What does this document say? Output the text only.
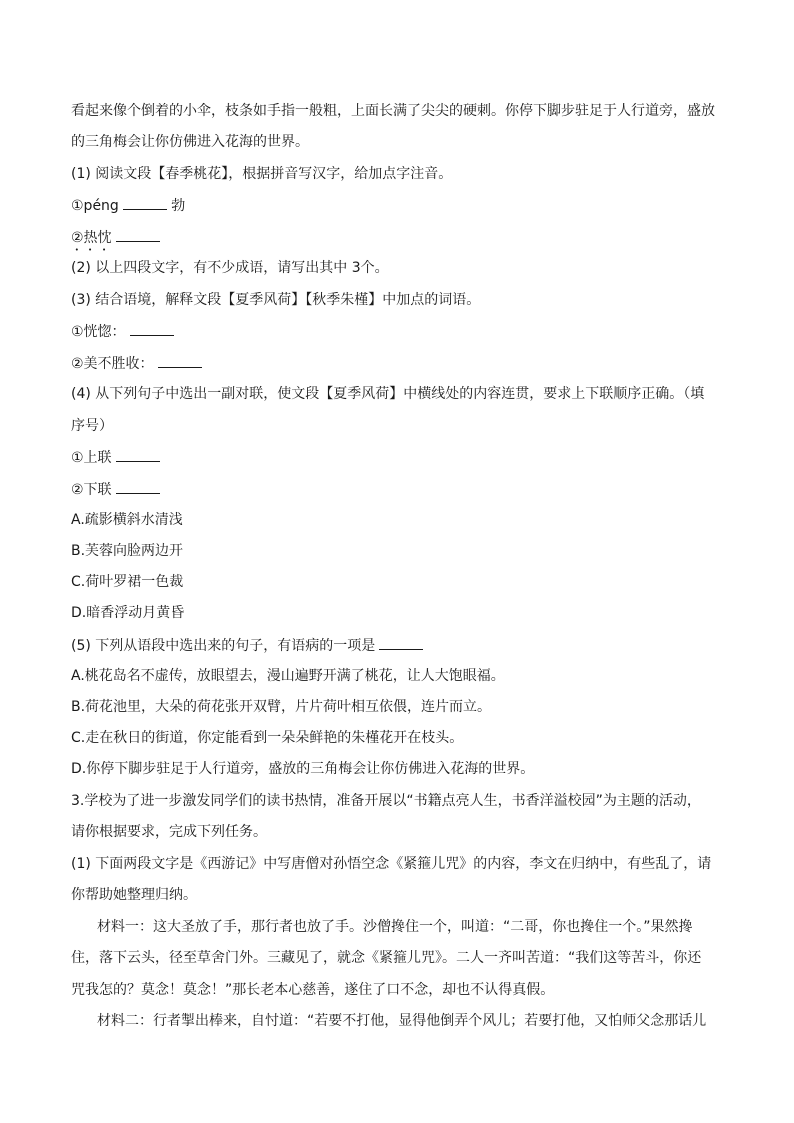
看起来像个倒着的小伞，枝条如手指一般粗，上面长满了尖尖的硬刺。你停下脚步驻足于人行道旁，盛放
的三角梅会让你仿佛进入花海的世界。
(1) 阅读文段【春季桃花】，根据拼音写汉字，给加点字注音。
①péng	勃
②热忱
(2) 以上四段文字，有不少成语，请写出其中 3个。
(3) 结合语境，解释文段【夏季风荷】【秋季朱槿】中加点的词语。
①恍惚：
②美不胜收：
(4) 从下列句子中选出一副对联，使文段【夏季风荷】中横线处的内容连贯，要求上下联顺序正确。（填
序号）
①上联
②下联
A.疏影横斜水清浅
B.芙蓉向脸两边开
C.荷叶罗裙一色裁
D.暗香浮动月黄昏
(5) 下列从语段中选出来的句子，有语病的一项是
A.桃花岛名不虚传，放眼望去，漫山遍野开满了桃花，让人大饱眼福。
B.荷花池里，大朵的荷花张开双臂，片片荷叶相互依偎，连片而立。
C.走在秋日的街道，你定能看到一朵朵鲜艳的朱槿花开在枝头。
D.你停下脚步驻足于人行道旁，盛放的三角梅会让你仿佛进入花海的世界。
3.学校为了进一步激发同学们的读书热情，准备开展以“书籍点亮人生，书香洋溢校园”为主题的活动，
请你根据要求，完成下列任务。
(1) 下面两段文字是《西游记》中写唐僧对孙悟空念《紧箍儿咒》的内容，李文在归纳中，有些乱了，请
你帮助她整理归纳。
材料一：这大圣放了手，那行者也放了手。沙僧搀住一个，叫道：“二哥，你也搀住一个。”果然搀
住，落下云头，径至草舍门外。三藏见了，就念《紧箍儿咒》。二人一齐叫苦道：“我们这等苦斗，你还
咒我怎的？莫念！莫念！”那长老本心慈善，遂住了口不念，却也不认得真假。
材料二：行者掣出棒来，自忖道：“若要不打他，显得他倒弄个风儿；若要打他，又怕师父念那话儿
